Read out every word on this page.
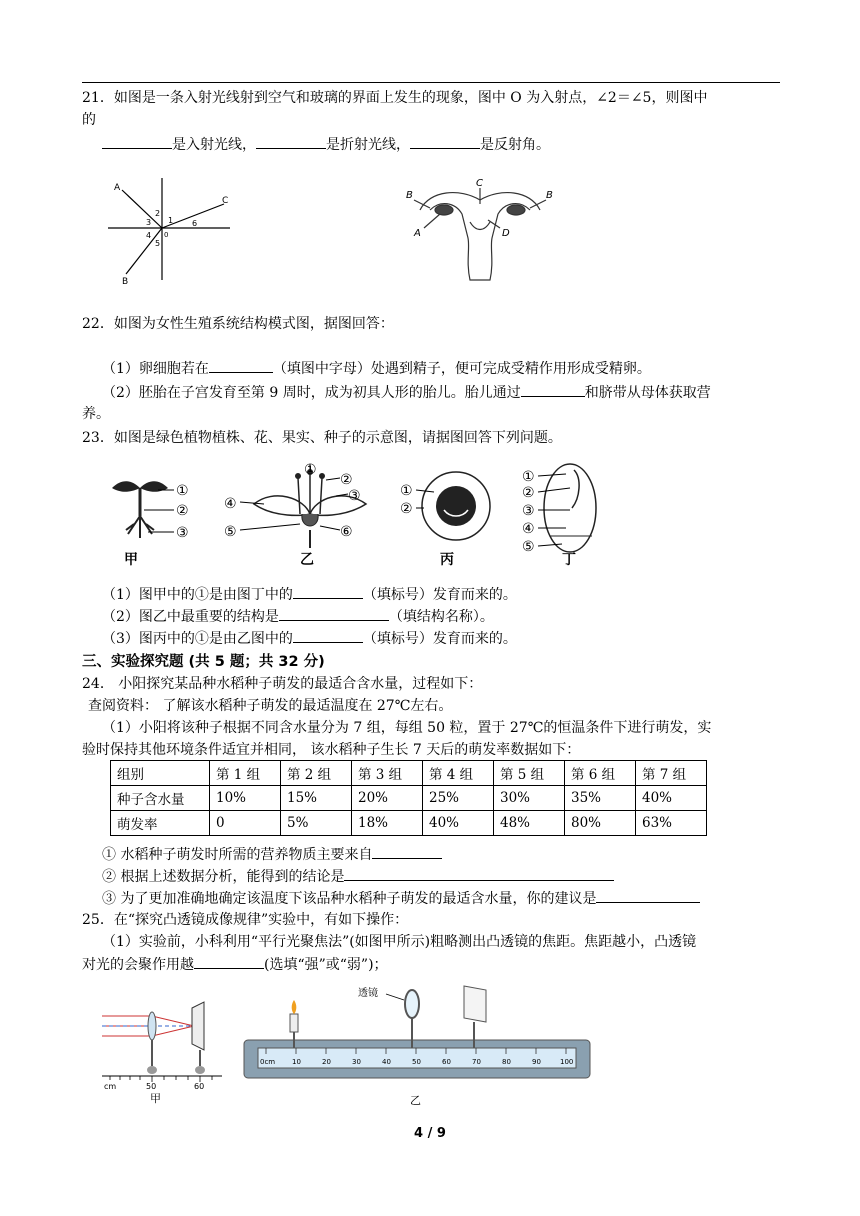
21．如图是一条入射光线射到空气和玻璃的界面上发生的现象，图中 O 为入射点，∠2＝∠5，则图中
的
是入射光线，	是折射光线，	是反射角。
A
B
C
1
2
3
4
5
6
0
B
C
B
A	D
22．如图为女性生殖系统结构模式图，据图回答：
（1）卵细胞若在	（填图中字母）处遇到精子，便可完成受精作用形成受精卵。
（2）胚胎在子宫发育至第 9 周时，成为初具人形的胎儿。胎儿通过	和脐带从母体获取营
养。
23．如图是绿色植物植株、花、果实、种子的示意图，请据图回答下列问题。
①
②
③
甲
①
②
③
④
⑤	⑥
乙
①
②
丙
①
②
③
④
⑤
丁
（1）图甲中的①是由图丁中的	（填标号）发育而来的。
（2）图乙中最重要的结构是	（填结构名称）。
（3）图丙中的①是由乙图中的	（填标号）发育而来的。
三、实验探究题 (共 5 题；共 32 分)
24． 小阳探究某品种水稻种子萌发的最适合含水量，过程如下：
查阅资料： 了解该水稻种子萌发的最适温度在 27℃左右。
（1）小阳将该种子根据不同含水量分为 7 组，每组 50 粒，置于 27℃的恒温条件下进行萌发，实
验时保持其他环境条件适宜并相同， 该水稻种子生长 7 天后的萌发率数据如下：
组别	第 1 组	第 2 组	第 3 组	第 4 组	第 5 组	第 6 组	第 7 组
种子含水量	10%	15%	20%	25%	30%	35%	40%
萌发率	0	5%	18%	40%	48%	80%	63%
① 水稻种子萌发时所需的营养物质主要来自
② 根据上述数据分析，能得到的结论是
③ 为了更加准确地确定该温度下该品种水稻种子萌发的最适含水量，你的建议是
25．在“探究凸透镜成像规律”实验中，有如下操作：
（1）实验前，小科利用“平行光聚焦法”(如图甲所示)粗略测出凸透镜的焦距。焦距越小，凸透镜
对光的会聚作用越	(选填“强”或“弱”)；
cm	50	60
甲
0cm 10	20	30	40	50	60	70	80	90	100
透镜
乙
4 / 9
